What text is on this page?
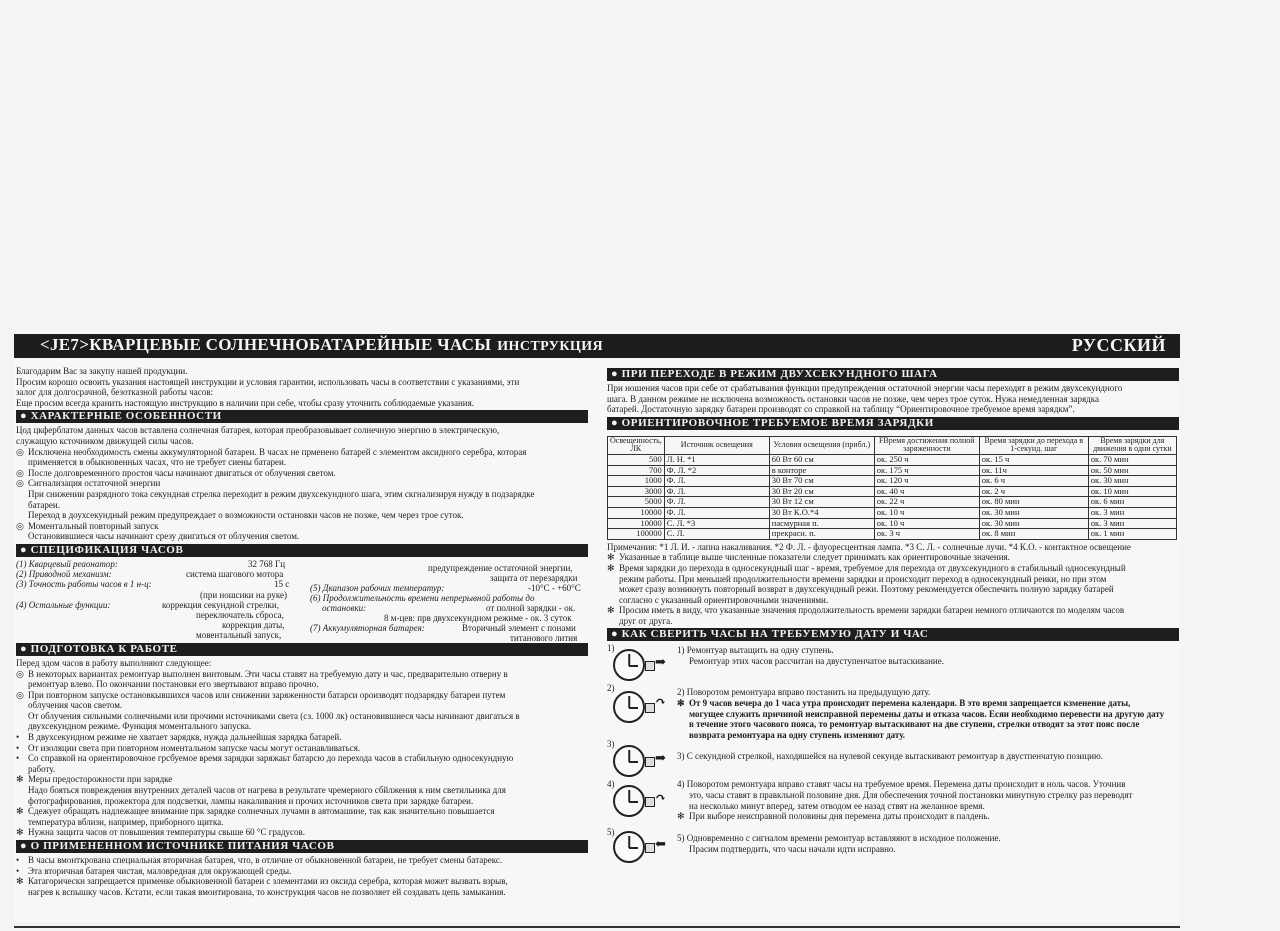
<JE7>КВАРЦЕВЫЕ СОЛНЕЧНОБАТАРЕЙНЫЕ ЧАСЫ ИНСТРУКЦИЯ	РУССКИЙ

Благодарим Вас за закупу нашей продукции.

Просим корошо освоить указания настоящей инструкции и условия гарантии, использовать часы в соответствии с указаниями, эти

залог для долгосрачной, безотказной работы часов:

Еще просим всегда кранить настоящую инструкцию в наличии при себе, чтобы сразу уточнить соблюдаемые указания.

● ХАРАКТЕРНЫЕ ОСОБЕННОСТИ

Цод цкферблатом данных часов вставлена солнечная батарея, которая преобразовывает солнечную энергию в электрическую,

служащую ксточником движущей силы часов.

◎ Исключена необходимость смены аккумуляторной батареи. В часах не прменено батарей с элементом аксидного серебра, которая

применяется в обыкновенных часах, что не требует сиены батареи.

◎ После долговременного простоя часы начинают двигаться от облучения светом.

◎ Сигнализация остаточной энергии

При снижении разрядного тока секундная стрелка переходит в режим двухсекундного шага, этим скгнализируя нужду в подзарядке

батареи.

Переход в доухсекундный режим предупреждает о возможности остановки часов не позже, чем через трое суток.

◎ Моментальный повторный запуск

Остановившиеся часы начинают срезу двигаться от облучения светом.

● СПЕЦИФИКАЦИЯ ЧАСОВ
(1) Кварцевый реаонатор:	32 768 Гц
(2) Приводной механизм:	система шагового мотора
(3) Точность работы часов в 1 н-ц:	15 с
(при ношсики на руке)
(4) Остальные функции:	коррекция секундной стрелки,
переключатель сброса,
коррекция даты,
мовентальный запуск,
предупреждение остаточной энергии,
защита от перезарядки
(5) Дкапазон рабочих температур:	-10°C - +60°C
(6) Продолжительность времени непрерывной работы до
остановки:	от полной зарядки - ок.
8 м-цев: прв двухсекундном режиме - ок. 3 суток
(7) Аккумуляторная батарея:	Вторичный элемент с понами
титанового лития
● ПОДГОТОВКА К РАБОТЕ

Перед здом часов в работу выполняют следующее:

◎ В некоторых вариантах ремонтуар выполнен винтовым. Эти часы ставят на требуемую дату и час, предварительно отверну в

ремонтуар влево. По окончании постановки его звертывают вправо прочно.

◎ При повторном запуске остановкывшихся часов или снижении заряженности батарси ороизводят подзарядку батареи путем

облучения часов светом.

От облучения сильными солнечными или прочими источниками света (сз. 1000 лк) остановившиеся часы начинают двигаться в

двухсекундном режиме. Функция моментального запуска.

• В двухсекундном режиме не хватает зарядкв, нужда дальнейшая зарядка батарей.

• От изоляции света при повторном номентальном запуске часы могут останавливаться.

• Со справкой на ориентировочное грсбуемое время зарядки заряжаьт батарсю до перехода часов в стабильную односекундную

работу.

✻ Меры предосторожности при зарядке

Надо бояться повреждения внутренних деталей часов от нагрева в результате чремерного сбйлжения к ним светильника для

фотографирования, прожектора для подсветки, лампы накаливания и прочих источников света при зарядке батареи.

✻ Сдежует обращать надлежащее внимание прк зарядке солнечных лучами в автомашине, так как значительно повышается

температура вблизи, например, приборного щитка.

✻ Нужна защита часов от повышения температуры свыше 60 °С градусов.

● О ПРИМЕНЕННОМ ИСТОЧНИКЕ ПИТАНИЯ ЧАСОВ

• В часы вмонткрована специальная вторичная батарея, что, в отличие от обыкновенной батареи, не требует смены батарекс.

• Эта вторичная батарея чистая, маловредная для окружающей среды.

✻ Катагорическн запрещается применке обыкновенной батареи с злементами из оксида серебра, которая может вызвать взрыв,

нагрев к вспышку часов. Кстати, если такая вмонтирована, то конструкция часов не позволяет ей создавать цепь замыкания.

● ПРИ ПЕРЕХОДЕ В РЕЖИМ ДВУХСЕКУНДНОГО ШАГА

При ношения часов при себе от срабатывания функции предупреждения остаточной энергии часы переходят в режим двухсекундного

шага. В данном режиме не исключена возможность остановки часов не позже, чем через трое суток. Нужа немедленная зарядка

батарей. Достаточную зарядку батареи производят со справкой на таблицу “Ориентировочное требуемое время зарядкм”.

● ОРИЕНТИРОВОЧНОЕ ТРЕБУЕМОЕ ВРЕМЯ ЗАРЯДКИ
Освещенность, ЛК	Источник освещения	Условия освещения (прибл.)	FВремя достижения полной заряженности	Время зарядки до перехода в 1-секунд. шаг	Время зарядки для движения в одни сутки
500	Л. Н. *1	60 Вт 60 см	ок. 250 ч	ок. 15 ч	ок. 70 мин
700	Ф. Л. *2	в конторе	ок. 175 ч	ок. 11ч	ок. 50 мин
1000	Ф. Л.	30 Вт 70 см	ок. 120 ч	ок. 6 ч	ок. 30 мин
3000	Ф. Л.	30 Вт 20 см	ок. 40 ч	ок. 2 ч	ок. 10 мин
5000	Ф. Л.	30 Вт 12 см	ок. 22 ч	ок. 80 мин	ок. 6 мин
10000	Ф. Л.	30 Вт К.О.*4	ок. 10 ч	ок. 30 мин	ок. 3 мин
10000	С. Л. *3	пасмурная п.	ок. 10 ч	ок. 30 мин	ок. 3 мин
100000	С. Л.	прекрасн. п.	ок. 3 ч	ок. 8 мин	ок. 1 мин

Примечания: *1 Л. И. - лапна накаливания. *2 Ф. Л. - флуоресцентная лампа. *3 С. Л. - солнечные лучи. *4 К.О. - контактное освещение

✻ Указанные в таблице выше численные показатели следует принимать как ориентировочные значения.

✻ Время зарядки до перехода в односекундный шаг - время, требуемое для перехода от двухсекундного в стабильный односекундный

режим работы. При меньшей продолжительности времени зарядки и происходит переход в односекундный реики, но при этом

может сразу возникнуть повторный возврат в двухсекундный режи. Поэтому рекомендуется обеспечить полную зарядку батарей

согласно с указанный ориентировочными значениями.

✻ Просим иметь в виду, что указанные значения продолжительность времени зарядки батареи немного отличаются по моделям часов

друг от друга.

● КАК СВЕРИТЬ ЧАСЫ НА ТРЕБУЕМУЮ ДАТУ И ЧАС
1)
➡

1) Ремонтуар вытащить на одну ступень.

Ремонтуар этих часов рассчитан на двуступенчатое вытаскивание.

2)
↷

2) Поворотом ремонтуара вправо постанить на предыдущую дату.

✻ От 9 часов вечера до 1 часа утра происходит перемена календаря. В это время запрещается кзменение даты,

могущее служить причиной неисправной перемены даты и отказа часов. Есяи необходимо перевести на другую дату

в течение этого часового пояса, то ремонтуар вытаскивают на две ступени, стрелки отводят за этот пояс после

возврата ремонтуара на одну ступень изменяют дату.

3)
➡ 3) С секундной стрелкой, находяшейся на нулевой секунде вытаскивают ремонтуар в двуcтпенчатую позицию.

4)
↷

4) Поворотом ремонтуара вправо ставят часы на требуемое время. Перемена даты происходит в ноль часов. Уточнив

это, часы ставят в правкльной половине дня. Для обеспечения точной постановки минутную стрелку раз переводят

на несколько минут вперед, затем отводом ее назад ствят на желанное время.

✻ При выборе неисправной половины дня перемена даты происходит в палдень.

5)
⬅ 5) Одновременно с сигналом времени ремонтуар вставляяют в исходное положение.

Прасим подтвердить, что часы начали идти исправно.
